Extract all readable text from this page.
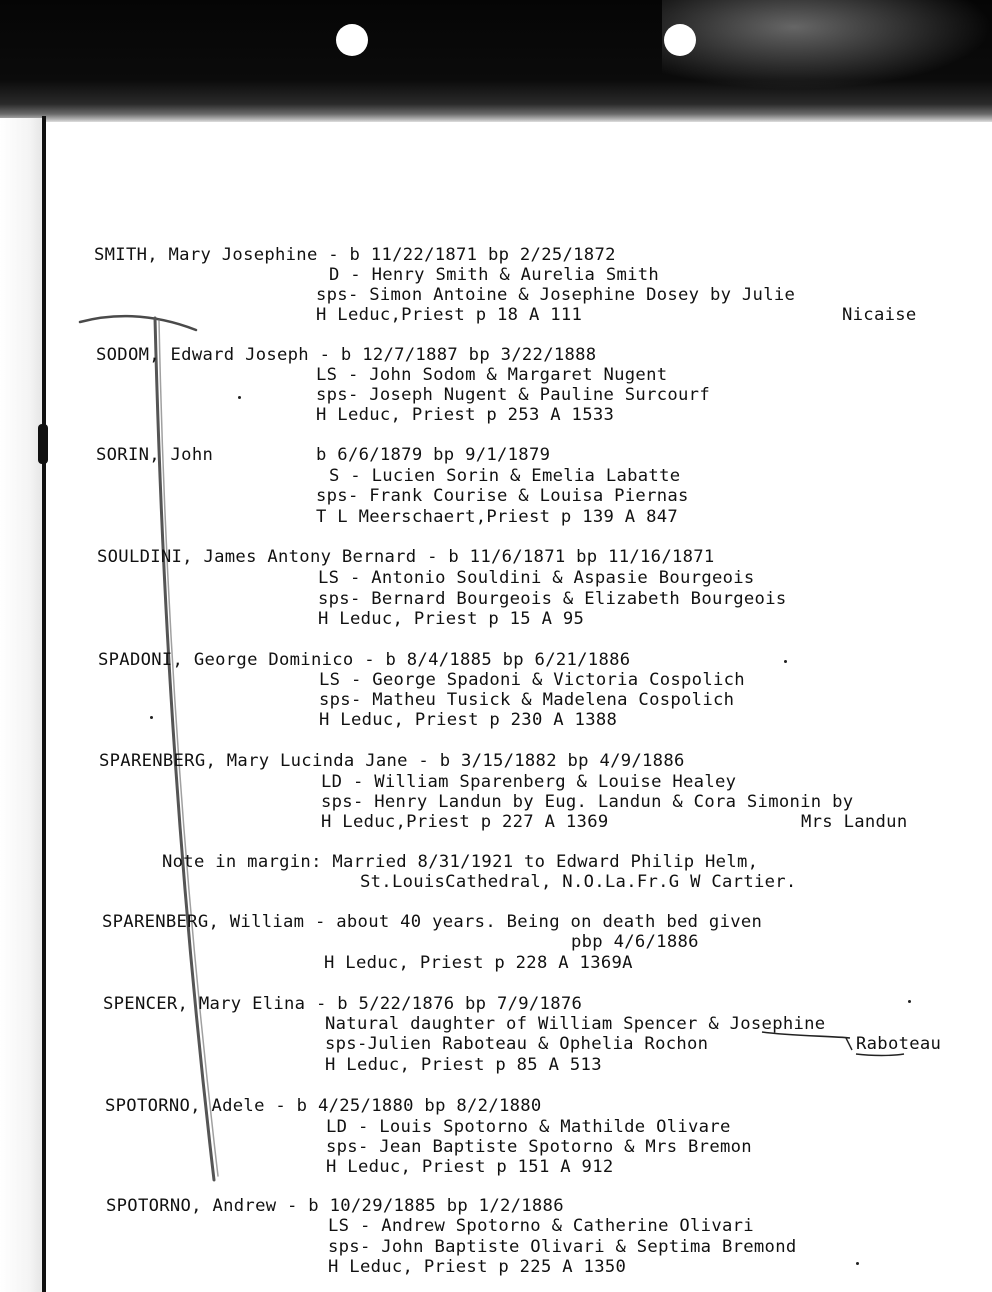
SMITH, Mary Josephine - b 11/22/1871 bp 2/25/1872
D - Henry Smith & Aurelia Smith
sps- Simon Antoine & Josephine Dosey by Julie
H Leduc,Priest p 18 A 111	Nicaise
SODOM, Edward Joseph - b 12/7/1887 bp 3/22/1888
LS - John Sodom & Margaret Nugent
sps- Joseph Nugent & Pauline Surcourf
H Leduc, Priest p 253 A 1533
SORIN, John	b 6/6/1879 bp 9/1/1879
S - Lucien Sorin & Emelia Labatte
sps- Frank Courise & Louisa Piernas
T L Meerschaert,Priest p 139 A 847
SOULDINI, James Antony Bernard - b 11/6/1871 bp 11/16/1871
LS - Antonio Souldini & Aspasie Bourgeois
sps- Bernard Bourgeois & Elizabeth Bourgeois
H Leduc, Priest p 15 A 95
SPADONI, George Dominico - b 8/4/1885 bp 6/21/1886
LS - George Spadoni & Victoria Cospolich
sps- Matheu Tusick & Madelena Cospolich
H Leduc, Priest p 230 A 1388
SPARENBERG, Mary Lucinda Jane - b 3/15/1882 bp 4/9/1886
LD - William Sparenberg & Louise Healey
sps- Henry Landun by Eug. Landun & Cora Simonin by
H Leduc,Priest p 227 A 1369	Mrs Landun
Note in margin: Married 8/31/1921 to Edward Philip Helm,
St.LouisCathedral, N.O.La.Fr.G W Cartier.
SPARENBERG, William - about 40 years. Being on death bed given
pbp 4/6/1886
H Leduc, Priest p 228 A 1369A
SPENCER, Mary Elina - b 5/22/1876 bp 7/9/1876
Natural daughter of William Spencer & Josephine
sps-Julien Raboteau & Ophelia Rochon
H Leduc, Priest p 85 A 513
Raboteau
SPOTORNO, Adele - b 4/25/1880 bp 8/2/1880
LD - Louis Spotorno & Mathilde Olivare
sps- Jean Baptiste Spotorno & Mrs Bremon
H Leduc, Priest p 151 A 912
SPOTORNO, Andrew - b 10/29/1885 bp 1/2/1886
LS - Andrew Spotorno & Catherine Olivari
sps- John Baptiste Olivari & Septima Bremond
H Leduc, Priest p 225 A 1350
